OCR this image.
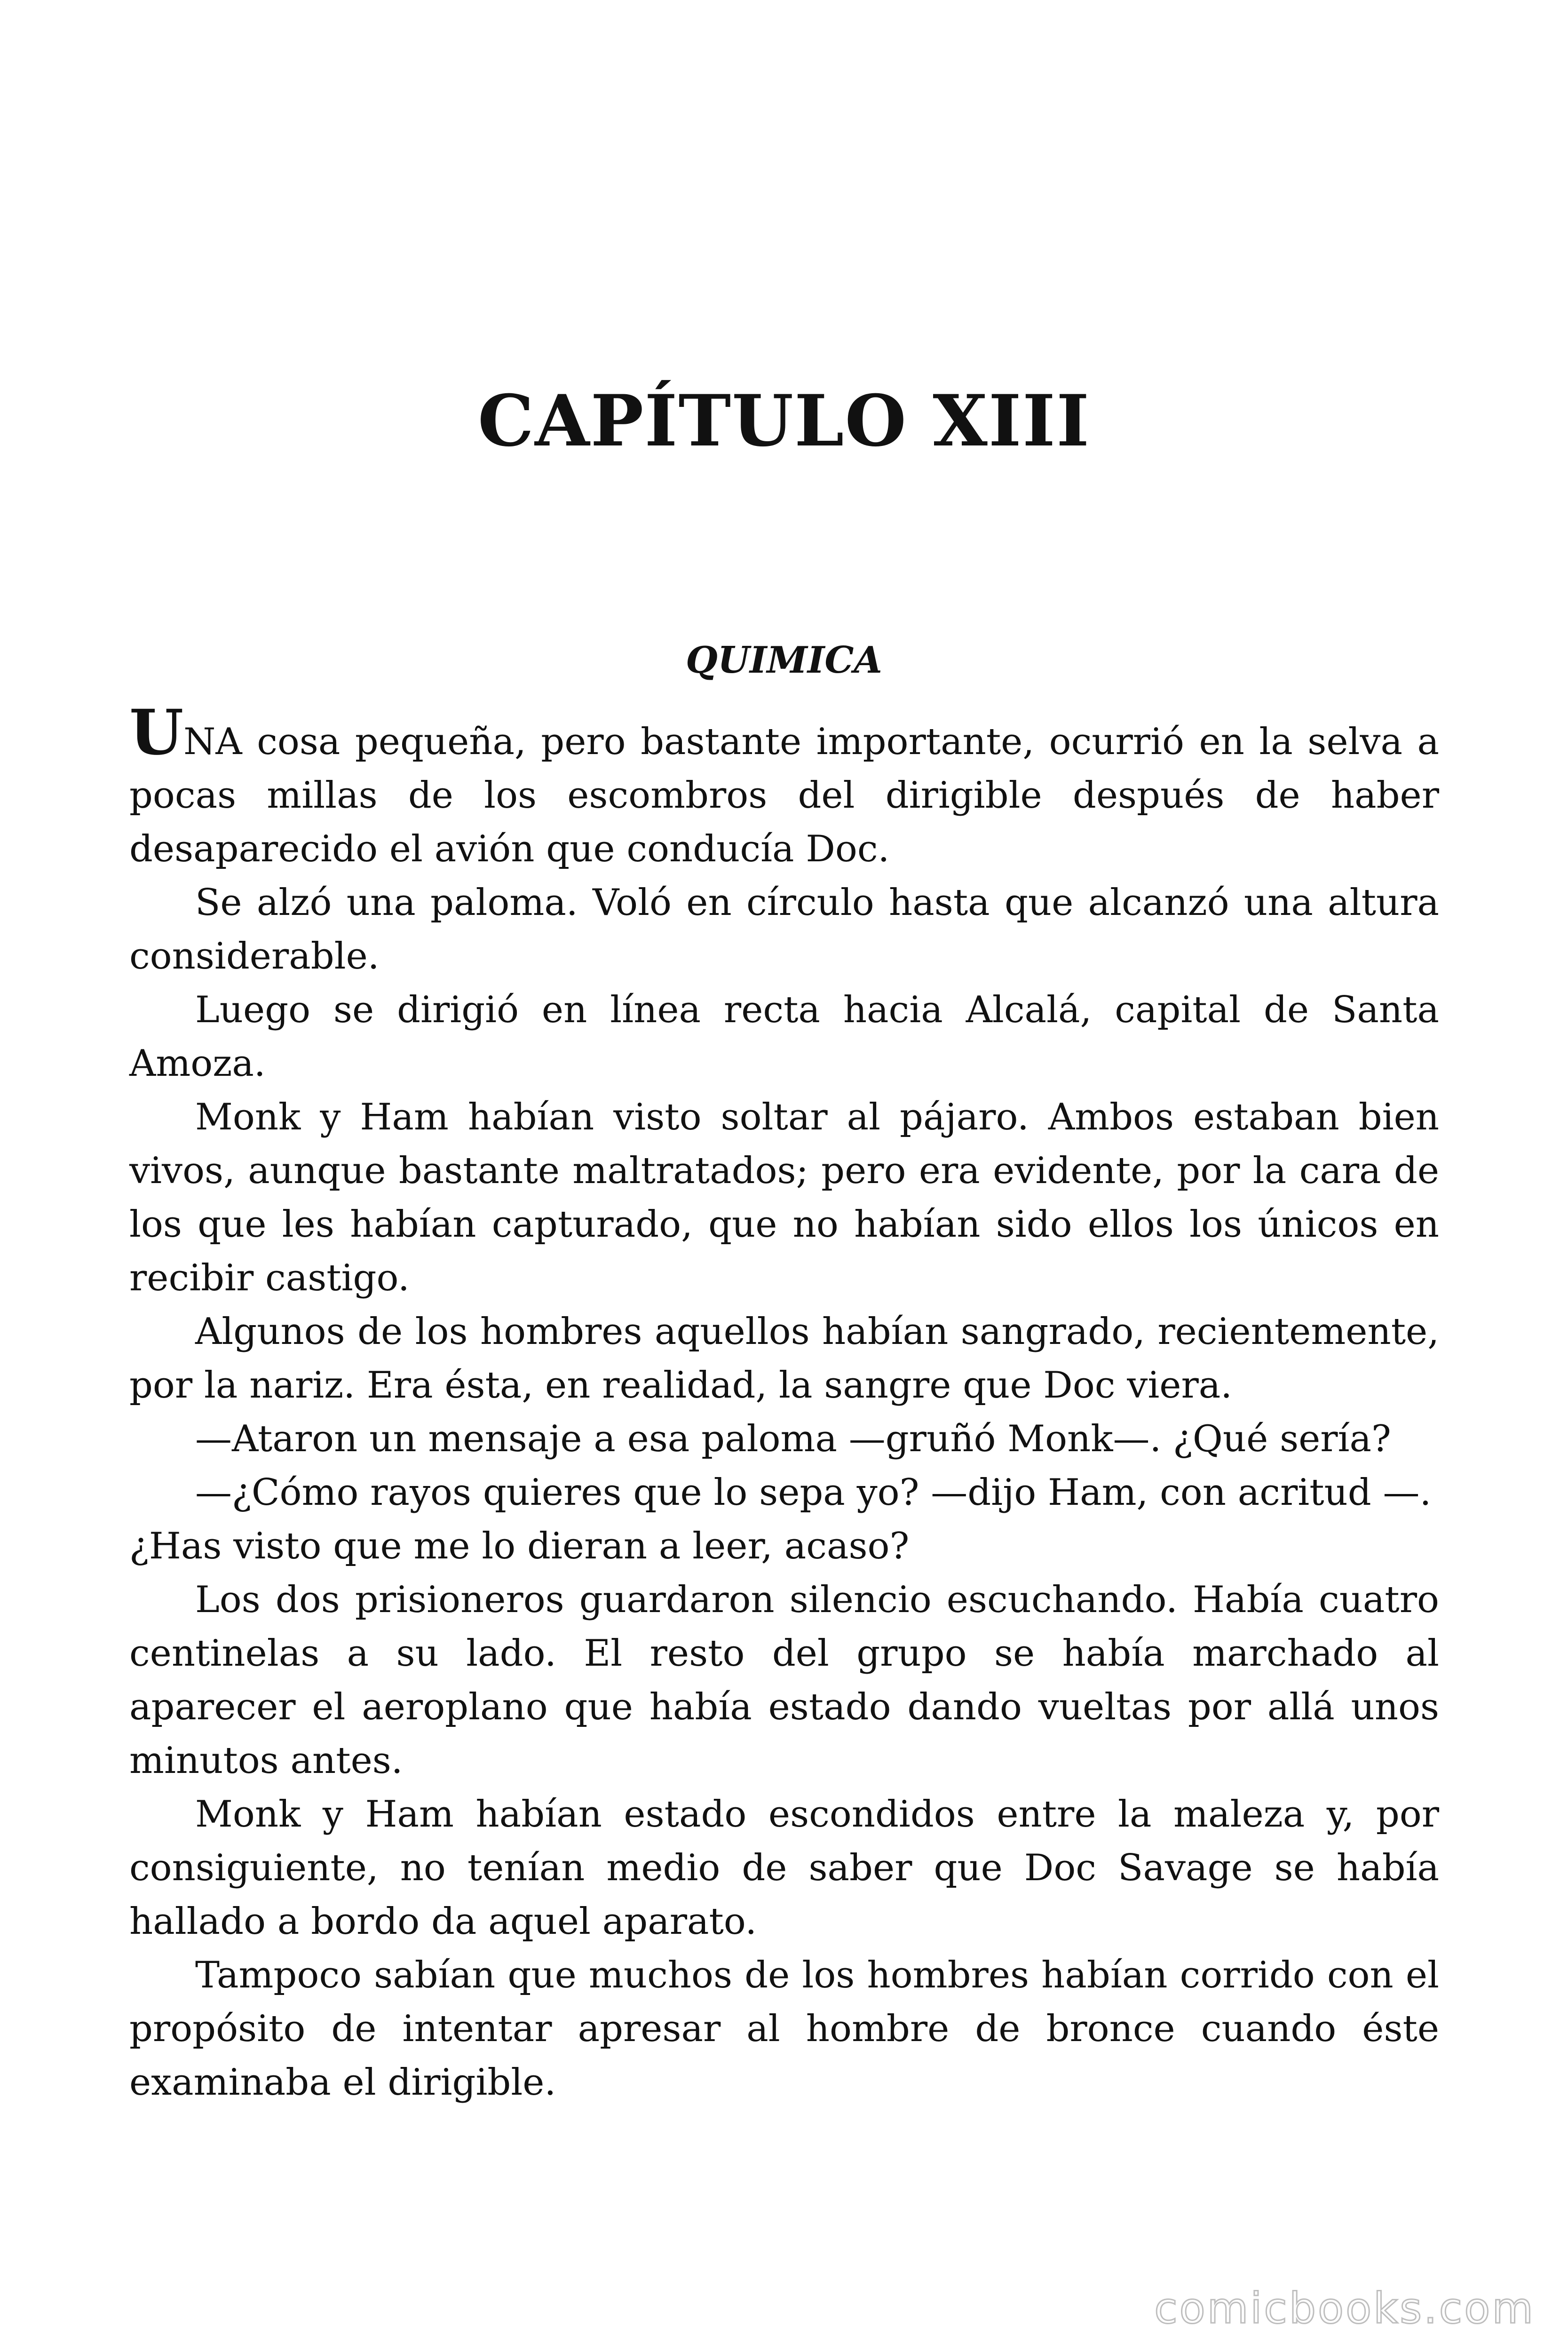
CAPÍTULO XIII
QUIMICA

UNA cosa pequeña, pero bastante importante, ocurrió en la selva a pocas millas de los escombros del dirigible después de haber desaparecido el avión que conducía Doc.

Se alzó una paloma. Voló en círculo hasta que alcanzó una altura considerable.

Luego se dirigió en línea recta hacia Alcalá, capital de Santa Amoza.

Monk y Ham habían visto soltar al pájaro. Ambos estaban bien vivos, aunque bastante maltratados; pero era evidente, por la cara de los que les habían capturado, que no habían sido ellos los únicos en recibir castigo.

Algunos de los hombres aquellos habían sangrado, recientemente, por la nariz. Era ésta, en realidad, la sangre que Doc viera.

—Ataron un mensaje a esa paloma —gruñó Monk—. ¿Qué sería?

—¿Cómo rayos quieres que lo sepa yo? —dijo Ham, con acritud —. ¿Has visto que me lo dieran a leer, acaso?

Los dos prisioneros guardaron silencio escuchando. Había cuatro centinelas a su lado. El resto del grupo se había marchado al aparecer el aeroplano que había estado dando vueltas por allá unos minutos antes.

Monk y Ham habían estado escondidos entre la maleza y, por consiguiente, no tenían medio de saber que Doc Savage se había hallado a bordo da aquel aparato.

Tampoco sabían que muchos de los hombres habían corrido con el propósito de intentar apresar al hombre de bronce cuando éste examinaba el dirigible.

comicbooks.com
